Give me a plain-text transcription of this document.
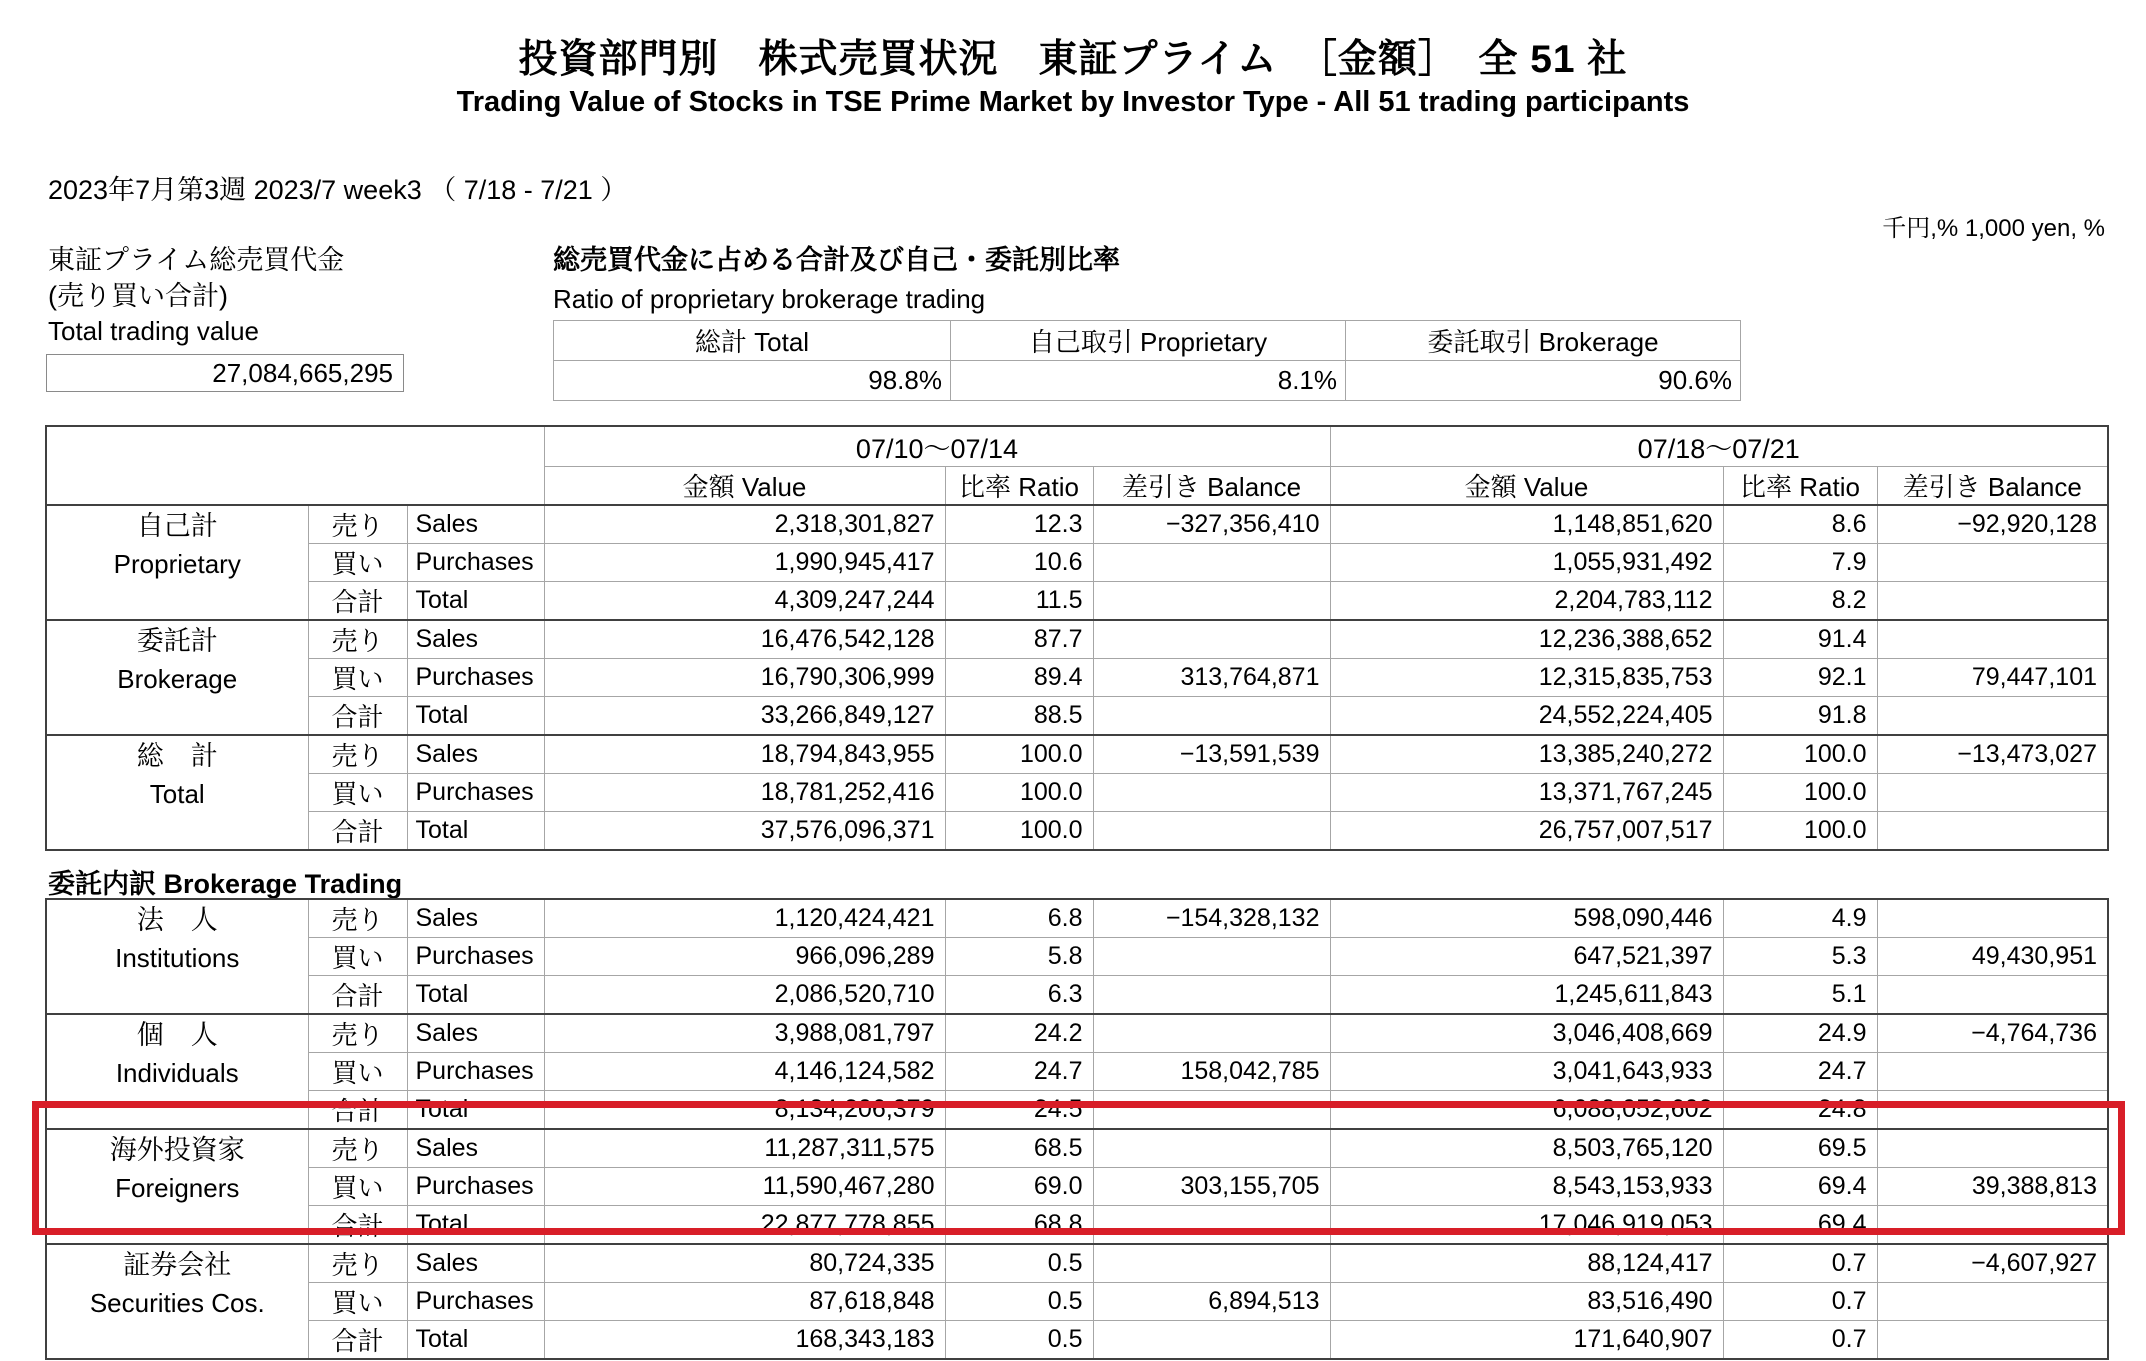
投資部門別　株式売買状況　東証プライム　［金額］　全 51 社
Trading Value of Stocks in TSE Prime Market by Investor Type - All 51 trading participants
2023年7月第3週 2023/7 week3 （ 7/18 - 7/21 ）
千円,% 1,000 yen, %
東証プライム総売買代金
(売り買い合計)
Total trading value
27,084,665,295
総売買代金に占める合計及び自己・委託別比率
Ratio of proprietary brokerage trading
総計 Total	自己取引 Proprietary	委託取引 Brokerage
98.8%	8.1%	90.6%
			07/10～07/14			07/18～07/21		
			金額 Value	比率 Ratio	差引き Balance	金額 Value	比率 Ratio	差引き Balance

自己計
Proprietary	売り	Sales	2,318,301,827	12.3	−327,356,410	1,148,851,620	8.6	−92,920,128
	買い	Purchases	1,990,945,417	10.6		1,055,931,492	7.9	
	合計	Total	4,309,247,244	11.5		2,204,783,112	8.2	

委託計
Brokerage	売り	Sales	16,476,542,128	87.7		12,236,388,652	91.4	
	買い	Purchases	16,790,306,999	89.4	313,764,871	12,315,835,753	92.1	79,447,101
	合計	Total	33,266,849,127	88.5		24,552,224,405	91.8	

総　計
Total	売り	Sales	18,794,843,955	100.0	−13,591,539	13,385,240,272	100.0	−13,473,027
	買い	Purchases	18,781,252,416	100.0		13,371,767,245	100.0	
	合計	Total	37,576,096,371	100.0		26,757,007,517	100.0	
委託内訳 Brokerage Trading
法　人
Institutions	売り	Sales	1,120,424,421	6.8	−154,328,132	598,090,446	4.9	
	買い	Purchases	966,096,289	5.8		647,521,397	5.3	49,430,951
	合計	Total	2,086,520,710	6.3		1,245,611,843	5.1	

個　人
Individuals	売り	Sales	3,988,081,797	24.2		3,046,408,669	24.9	−4,764,736
	買い	Purchases	4,146,124,582	24.7	158,042,785	3,041,643,933	24.7	
	合計	Total	8,134,206,379	24.5		6,088,052,602	24.8	

海外投資家
Foreigners	売り	Sales	11,287,311,575	68.5		8,503,765,120	69.5	
	買い	Purchases	11,590,467,280	69.0	303,155,705	8,543,153,933	69.4	39,388,813
	合計	Total	22,877,778,855	68.8		17,046,919,053	69.4	

証券会社
Securities Cos.	売り	Sales	80,724,335	0.5		88,124,417	0.7	−4,607,927
	買い	Purchases	87,618,848	0.5	6,894,513	83,516,490	0.7	
	合計	Total	168,343,183	0.5		171,640,907	0.7	
